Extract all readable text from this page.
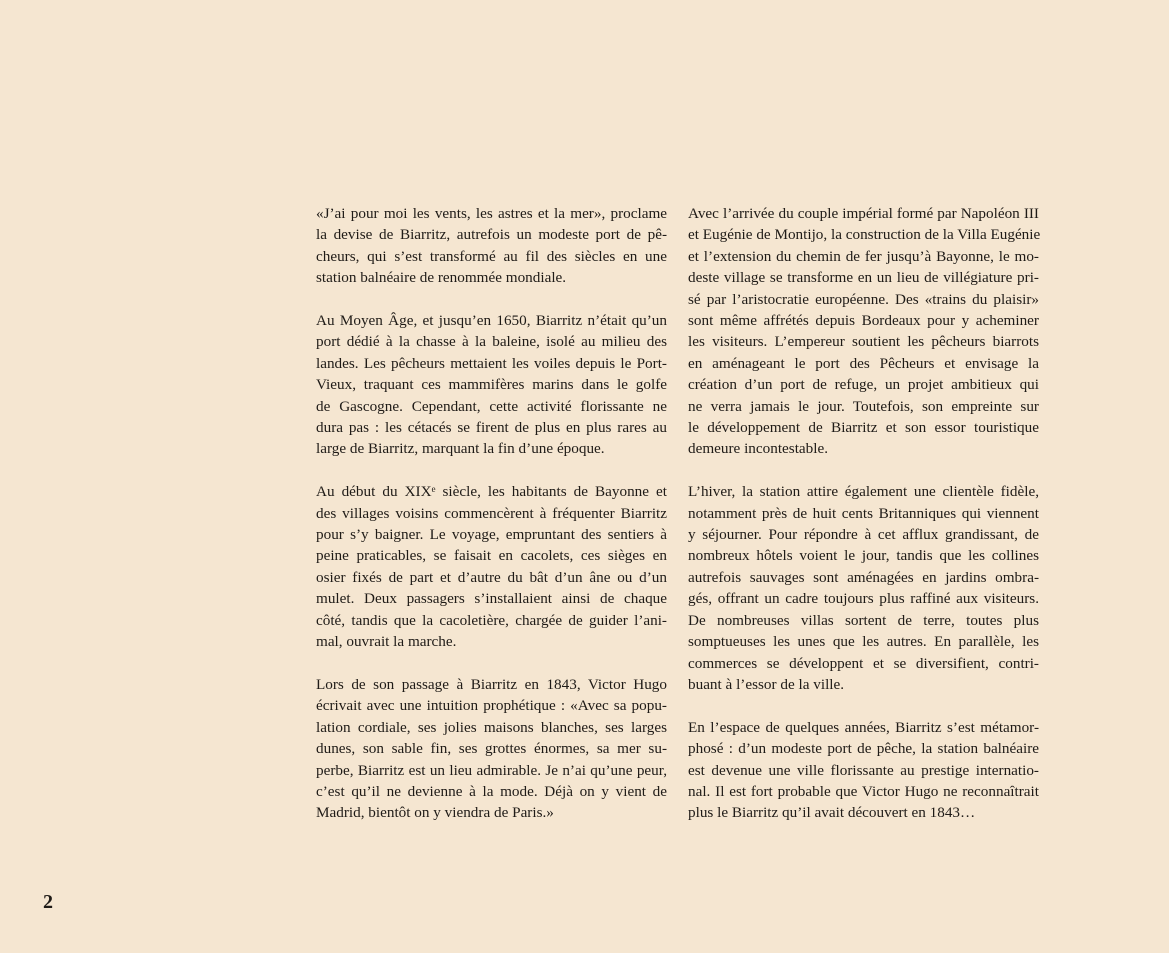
«J’ai pour moi les vents, les astres et la mer», proclame
la devise de Biarritz, autrefois un modeste port de pê-
cheurs, qui s’est transformé au fil des siècles en une
station balnéaire de renommée mondiale.

Au Moyen Âge, et jusqu’en 1650, Biarritz n’était qu’un
port dédié à la chasse à la baleine, isolé au milieu des
landes. Les pêcheurs mettaient les voiles depuis le Port-
Vieux, traquant ces mammifères marins dans le golfe
de Gascogne. Cependant, cette activité florissante ne
dura pas : les cétacés se firent de plus en plus rares au
large de Biarritz, marquant la fin d’une époque.

Au début du XIXᵉ siècle, les habitants de Bayonne et
des villages voisins commencèrent à fréquenter Biarritz
pour s’y baigner. Le voyage, empruntant des sentiers à
peine praticables, se faisait en cacolets, ces sièges en
osier fixés de part et d’autre du bât d’un âne ou d’un
mulet. Deux passagers s’installaient ainsi de chaque
côté, tandis que la cacoletière, chargée de guider l’ani-
mal, ouvrait la marche.

Lors de son passage à Biarritz en 1843, Victor Hugo
écrivait avec une intuition prophétique : «Avec sa popu-
lation cordiale, ses jolies maisons blanches, ses larges
dunes, son sable fin, ses grottes énormes, sa mer su-
perbe, Biarritz est un lieu admirable. Je n’ai qu’une peur,
c’est qu’il ne devienne à la mode. Déjà on y vient de
Madrid, bientôt on y viendra de Paris.»

Avec l’arrivée du couple impérial formé par Napoléon III
et Eugénie de Montijo, la construction de la Villa Eugénie
et l’extension du chemin de fer jusqu’à Bayonne, le mo-
deste village se transforme en un lieu de villégiature pri-
sé par l’aristocratie européenne. Des «trains du plaisir»
sont même affrétés depuis Bordeaux pour y acheminer
les visiteurs. L’empereur soutient les pêcheurs biarrots
en aménageant le port des Pêcheurs et envisage la
création d’un port de refuge, un projet ambitieux qui
ne verra jamais le jour. Toutefois, son empreinte sur
le développement de Biarritz et son essor touristique
demeure incontestable.

L’hiver, la station attire également une clientèle fidèle,
notamment près de huit cents Britanniques qui viennent
y séjourner. Pour répondre à cet afflux grandissant, de
nombreux hôtels voient le jour, tandis que les collines
autrefois sauvages sont aménagées en jardins ombra-
gés, offrant un cadre toujours plus raffiné aux visiteurs.
De nombreuses villas sortent de terre, toutes plus
somptueuses les unes que les autres. En parallèle, les
commerces se développent et se diversifient, contri-
buant à l’essor de la ville.

En l’espace de quelques années, Biarritz s’est métamor-
phosé : d’un modeste port de pêche, la station balnéaire
est devenue une ville florissante au prestige internatio-
nal. Il est fort probable que Victor Hugo ne reconnaîtrait
plus le Biarritz qu’il avait découvert en 1843…

2
